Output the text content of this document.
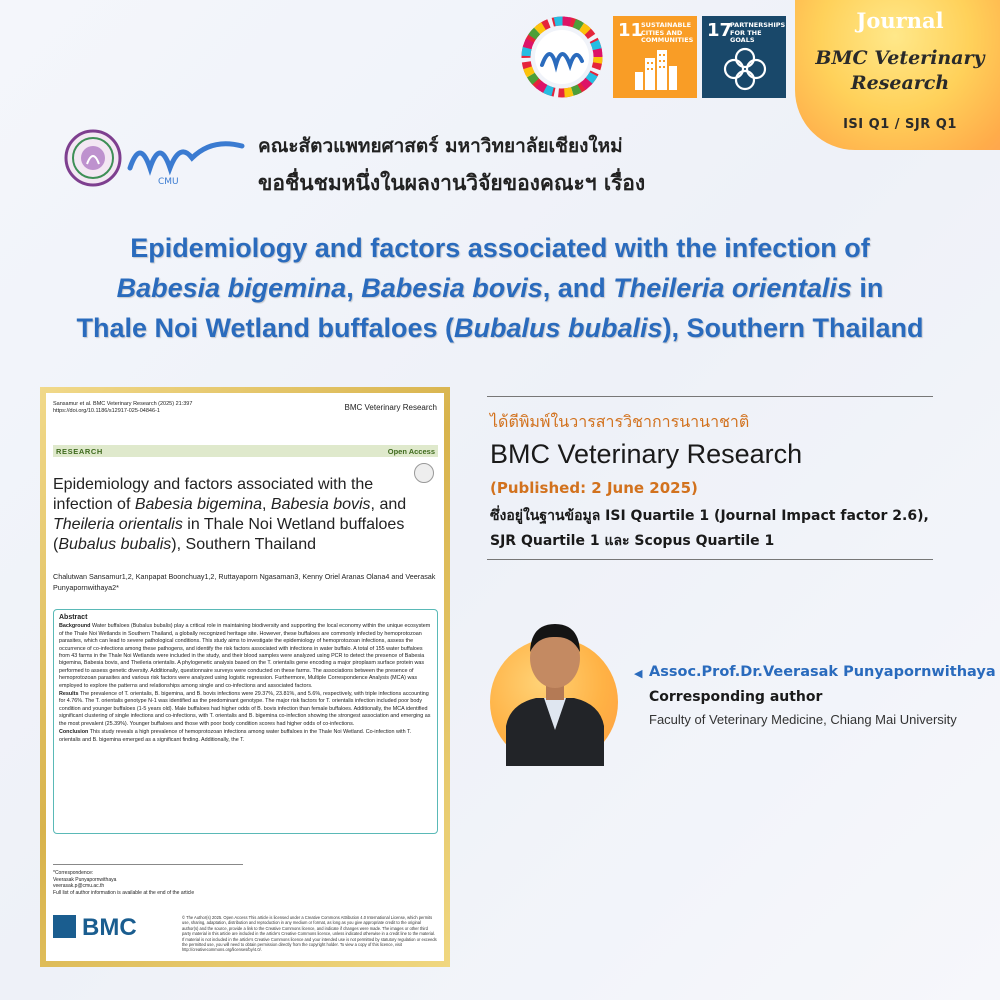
Journal
BMC Veterinary Research
ISI Q1 / SJR Q1
11
SUSTAINABLE CITIES AND COMMUNITIES 17
PARTNERSHIPS FOR THE GOALS
CMU
คณะสัตวแพทยศาสตร์ มหาวิทยาลัยเชียงใหม่
ขอชื่นชมหนึ่งในผลงานวิจัยของคณะฯ เรื่อง
Epidemiology and factors associated with the infection of
Babesia bigemina, Babesia bovis, and Theileria orientalis in
Thale Noi Wetland buffaloes (Bubalus bubalis), Southern Thailand
Sansamur et al. BMC Veterinary Research (2025) 21:397
https://doi.org/10.1186/s12917-025-04846-1	BMC Veterinary Research
RESEARCH	Open Access
Epidemiology and factors associated with the infection of Babesia bigemina, Babesia bovis, and Theileria orientalis in Thale Noi Wetland buffaloes (Bubalus bubalis), Southern Thailand
Chalutwan Sansamur1,2, Kanpapat Boonchuay1,2, Ruttayaporn Ngasaman3, Kenny Oriel Aranas Olana4 and Veerasak Punyapornwithaya2*
Abstract

Background Water buffaloes (Bubalus bubalis) play a critical role in maintaining biodiversity and supporting the local economy within the unique ecosystem of the Thale Noi Wetlands in Southern Thailand, a globally recognized heritage site. However, these buffaloes are commonly infected by hemoprotozoan parasites, which can lead to severe pathological conditions. This study aims to investigate the epidemiology of hemoprotozoan infections, assess the occurrence of co-infections among these pathogens, and identify the risk factors associated with infections in water buffalo. A total of 155 water buffaloes from 43 farms in the Thale Noi Wetlands were included in the study, and their blood samples were analyzed using PCR to detect the presence of Babesia bigemina, Babesia bovis, and Theileria orientalis. A phylogenetic analysis based on the T. orientalis gene encoding a major piroplasm surface protein was performed to assess genetic diversity. Additionally, questionnaire surveys were conducted on these farms. The associations between the presence of hemoprotozoan parasites and various risk factors were analyzed using logistic regression. Furthermore, Multiple Correspondence Analysis (MCA) was employed to explore the patterns and relationships among single and co-infections and associated factors.

Results The prevalence of T. orientalis, B. bigemina, and B. bovis infections were 29.37%, 23.81%, and 5.6%, respectively, with triple infections accounting for 4.76%. The T. orientalis genotype N-1 was identified as the predominant genotype. The major risk factors for T. orientalis infection included poor body condition and younger buffaloes (1-5 years old). Male buffaloes had higher odds of B. bovis infection than female buffaloes. Additionally, the MCA identified significant clustering of single infections and co-infections, with T. orientalis and B. bigemina co-infection showing the strongest association and emerging as the most prevalent (25.39%). Younger buffaloes and those with poor body condition scores had higher odds of co-infections.

Conclusion This study reveals a high prevalence of hemoprotozoan infections among water buffaloes in the Thale Noi Wetland. Co-infection with T. orientalis and B. bigemina emerged as a significant finding. Additionally, the T.

*Correspondence:
Veerasak Punyapornwithaya
veerasak.p@cmu.ac.th
Full list of author information is available at the end of the article
BMC	© The Author(s) 2025. Open Access This article is licensed under a Creative Commons Attribution 4.0 International License, which permits use, sharing, adaptation, distribution and reproduction in any medium or format, as long as you give appropriate credit to the original author(s) and the source, provide a link to the Creative Commons licence, and indicate if changes were made. The images or other third party material in this article are included in the article's Creative Commons licence, unless indicated otherwise in a credit line to the material. If material is not included in the article's Creative Commons licence and your intended use is not permitted by statutory regulation or exceeds the permitted use, you will need to obtain permission directly from the copyright holder. To view a copy of this licence, visit http://creativecommons.org/licenses/by/4.0/.
ได้ตีพิมพ์ในวารสารวิชาการนานาชาติ
BMC Veterinary Research
(Published: 2 June 2025)
ซึ่งอยู่ในฐานข้อมูล ISI Quartile 1 (Journal Impact factor 2.6),
SJR Quartile 1 และ Scopus Quartile 1
◀ Assoc.Prof.Dr.Veerasak Punyapornwithaya
Corresponding author
Faculty of Veterinary Medicine, Chiang Mai University
